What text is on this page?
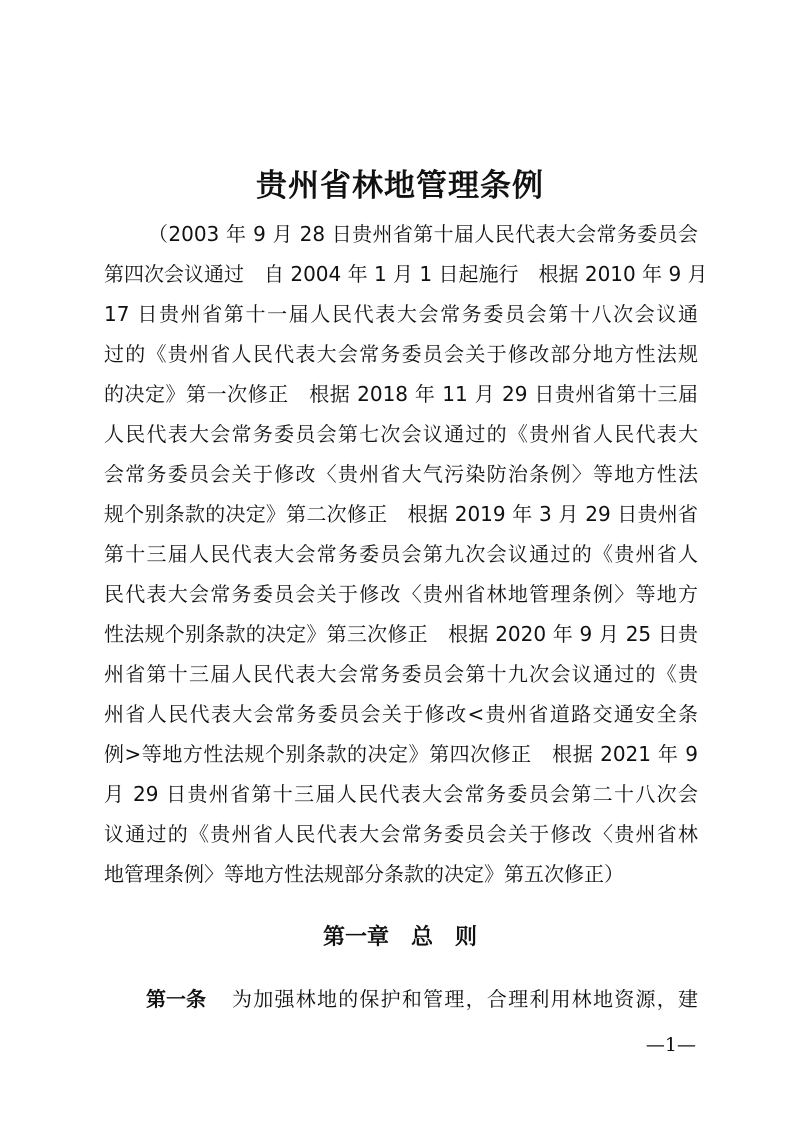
贵州省林地管理条例
（2003 年 9 月 28 日贵州省第十届人民代表大会常务委员会
第四次会议通过　自 2004 年 1 月 1 日起施行　根据 2010 年 9 月
17 日贵州省第十一届人民代表大会常务委员会第十八次会议通
过的《贵州省人民代表大会常务委员会关于修改部分地方性法规
的决定》第一次修正　根据 2018 年 11 月 29 日贵州省第十三届
人民代表大会常务委员会第七次会议通过的《贵州省人民代表大
会常务委员会关于修改〈贵州省大气污染防治条例〉等地方性法
规个别条款的决定》第二次修正　根据 2019 年 3 月 29 日贵州省
第十三届人民代表大会常务委员会第九次会议通过的《贵州省人
民代表大会常务委员会关于修改〈贵州省林地管理条例〉等地方
性法规个别条款的决定》第三次修正　根据 2020 年 9 月 25 日贵
州省第十三届人民代表大会常务委员会第十九次会议通过的《贵
州省人民代表大会常务委员会关于修改<贵州省道路交通安全条
例>等地方性法规个别条款的决定》第四次修正　根据 2021 年 9
月 29 日贵州省第十三届人民代表大会常务委员会第二十八次会
议通过的《贵州省人民代表大会常务委员会关于修改〈贵州省林
地管理条例〉等地方性法规部分条款的决定》第五次修正）
第一章　总　则
第一条 为加强林地的保护和管理，合理利用林地资源，建
—1—
